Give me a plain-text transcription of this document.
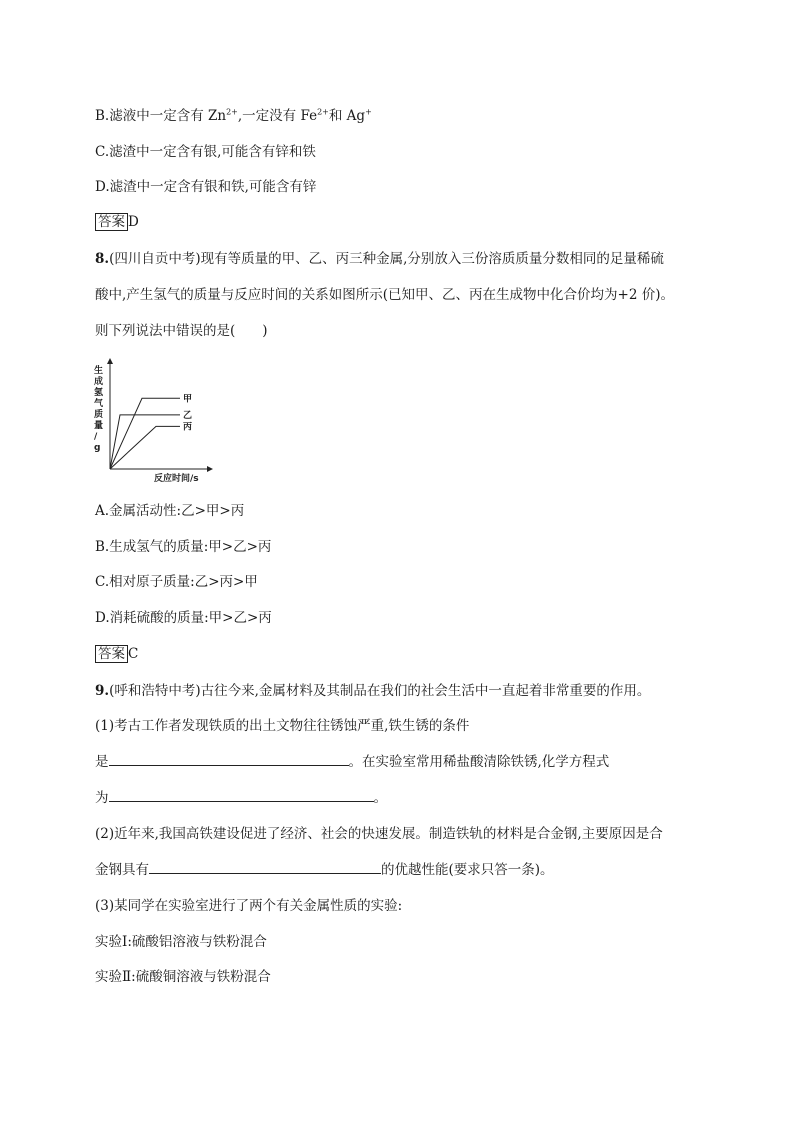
B.滤液中一定含有 $Zn^{2+}$,一定没有 $Fe^{2+}$和 Ag+
C.滤渣中一定含有银,可能含有锌和铁
D.滤渣中一定含有银和铁,可能含有锌
答案 D
8.(四川自贡中考)现有等质量的甲、乙、丙三种金属,分别放入三份溶质质量分数相同的足量稀硫
酸中,产生氢气的质量与反应时间的关系如图所示(已知甲、乙、丙在生成物中化合价均为+2 价)。
则下列说法中错误的是(　　)
生
成
氢
气
质
量
/
g
反应时间/s
甲
乙
丙
A.金属活动性:乙>甲>丙
B.生成氢气的质量:甲>乙>丙
C.相对原子质量:乙>丙>甲
D.消耗硫酸的质量:甲>乙>丙
答案 C
9.(呼和浩特中考)古往今来,金属材料及其制品在我们的社会生活中一直起着非常重要的作用。
(1)考古工作者发现铁质的出土文物往往锈蚀严重,铁生锈的条件
是	。在实验室常用稀盐酸清除铁锈,化学方程式
为	。
(2)近年来,我国高铁建设促进了经济、社会的快速发展。制造铁轨的材料是合金钢,主要原因是合
金钢具有	的优越性能(要求只答一条)。
(3)某同学在实验室进行了两个有关金属性质的实验:
实验Ⅰ:硫酸铝溶液与铁粉混合
实验Ⅱ:硫酸铜溶液与铁粉混合
